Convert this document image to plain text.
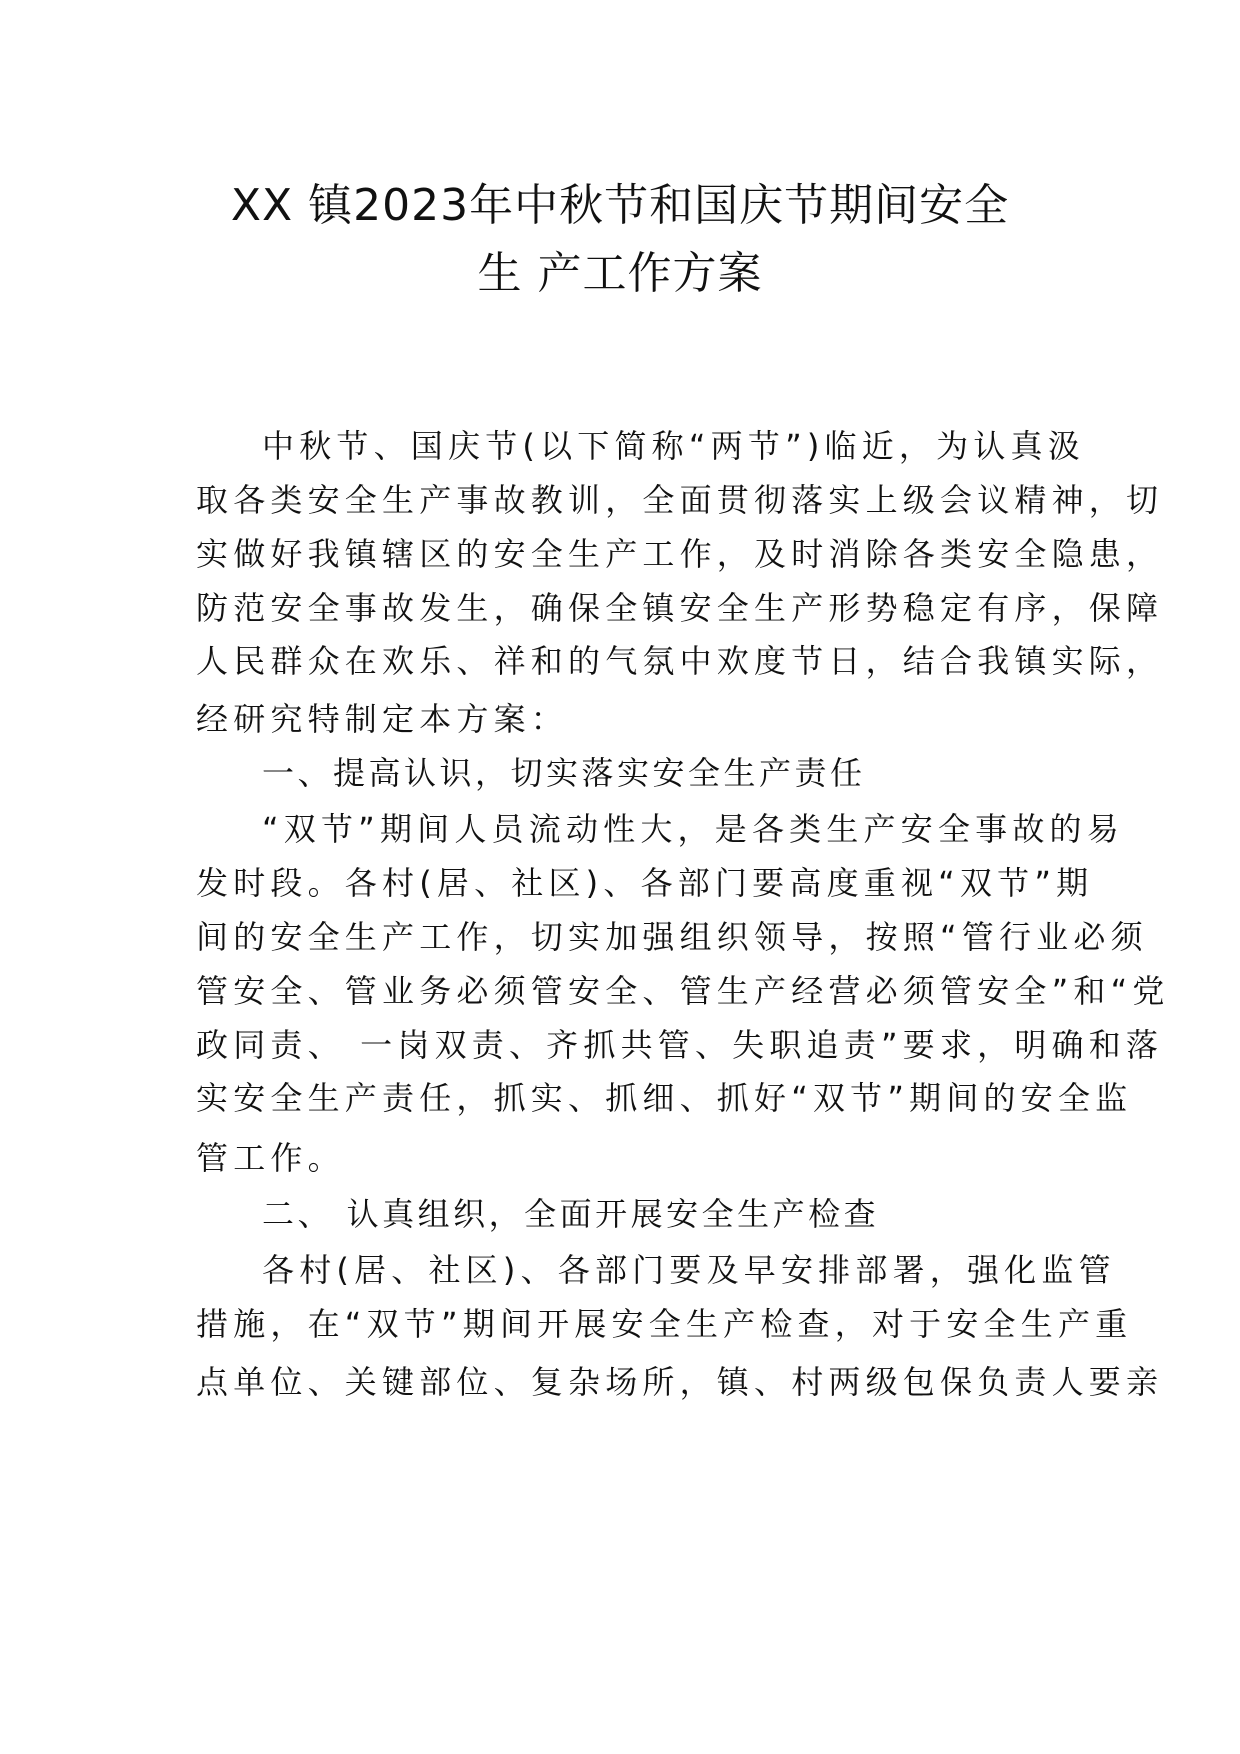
XX 镇2023年中秋节和国庆节期间安全
生 产工作方案
中秋节、国庆节(以下简称“两节”)临近，为认真汲
取各类安全生产事故教训，全面贯彻落实上级会议精神，切
实做好我镇辖区的安全生产工作，及时消除各类安全隐患，
防范安全事故发生，确保全镇安全生产形势稳定有序，保障
人民群众在欢乐、祥和的气氛中欢度节日，结合我镇实际，
经研究特制定本方案：
一、提高认识，切实落实安全生产责任
“双节”期间人员流动性大，是各类生产安全事故的易
发时段。各村(居、社区)、各部门要高度重视“双节”期
间的安全生产工作，切实加强组织领导，按照“管行业必须
管安全、管业务必须管安全、管生产经营必须管安全”和“党
政同责、 一岗双责、齐抓共管、失职追责”要求，明确和落
实安全生产责任，抓实、抓细、抓好“双节”期间的安全监
管工作。
二、 认真组织，全面开展安全生产检查
各村(居、社区)、各部门要及早安排部署，强化监管
措施，在“双节”期间开展安全生产检查，对于安全生产重
点单位、关键部位、复杂场所，镇、村两级包保负责人要亲
